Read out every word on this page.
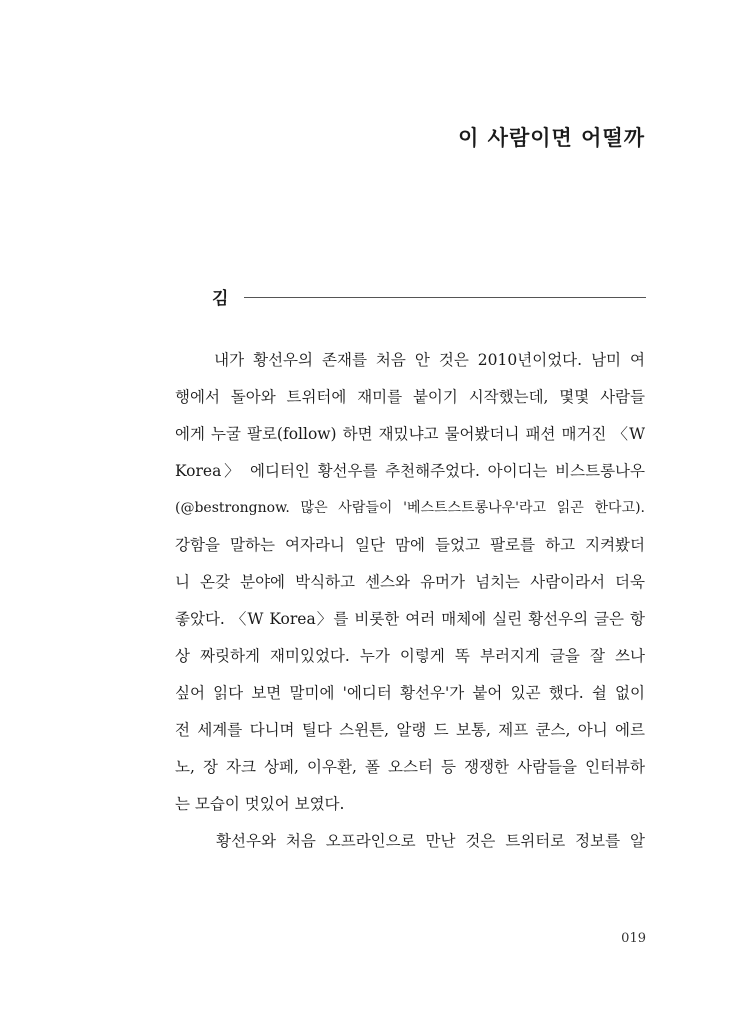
이 사람이면 어떨까
김
　　내가 황선우의 존재를 처음 안 것은 2010년이었다. 남미 여
행에서 돌아와 트위터에 재미를 붙이기 시작했는데, 몇몇 사람들
에게 누굴 팔로(follow) 하면 재밌냐고 물어봤더니 패션 매거진 〈W
Korea〉 에디터인 황선우를 추천해주었다. 아이디는 비스트롱나우
(@bestrongnow. 많은 사람들이 '베스트스트롱나우'라고 읽곤 한다고).
강함을 말하는 여자라니 일단 맘에 들었고 팔로를 하고 지켜봤더
니 온갖 분야에 박식하고 센스와 유머가 넘치는 사람이라서 더욱
좋았다. 〈W Korea〉를 비롯한 여러 매체에 실린 황선우의 글은 항
상 짜릿하게 재미있었다. 누가 이렇게 똑 부러지게 글을 잘 쓰나
싶어 읽다 보면 말미에 '에디터 황선우'가 붙어 있곤 했다. 쉴 없이
전 세계를 다니며 틸다 스윈튼, 알랭 드 보통, 제프 쿤스, 아니 에르
노, 장 자크 상페, 이우환, 폴 오스터 등 쟁쟁한 사람들을 인터뷰하
는 모습이 멋있어 보였다.
　　황선우와 처음 오프라인으로 만난 것은 트위터로 정보를 알
019
